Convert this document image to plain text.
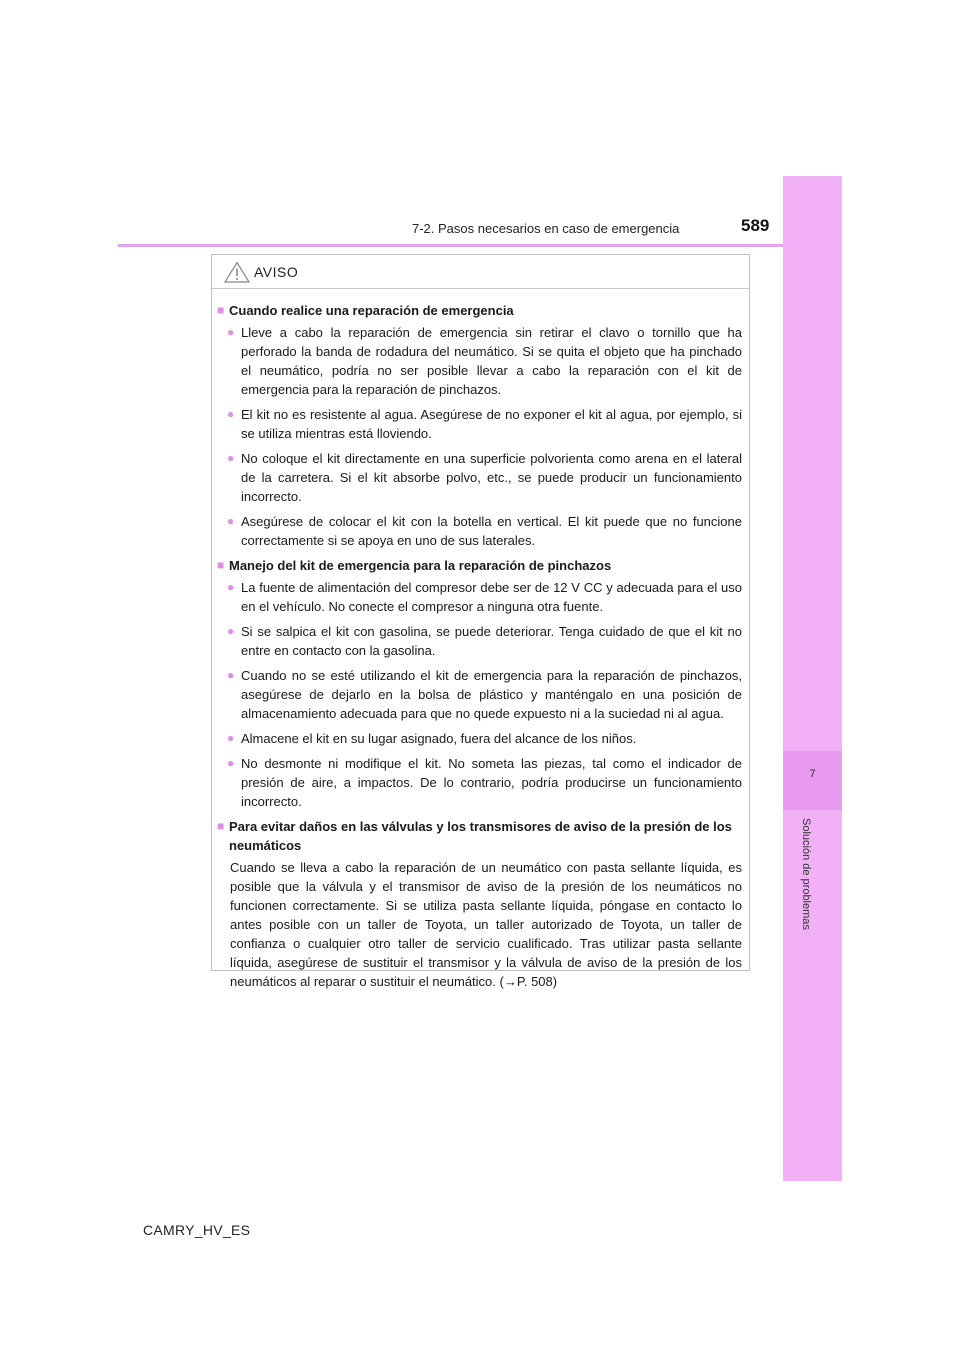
7
Solución de problemas
7-2. Pasos necesarios en caso de emergencia	589
AVISO
■ Cuando realice una reparación de emergencia
● Lleve a cabo la reparación de emergencia sin retirar el clavo o tornillo que ha perforado la banda de rodadura del neumático. Si se quita el objeto que ha pinchado el neumático, podría no ser posible llevar a cabo la reparación con el kit de emergencia para la reparación de pinchazos.
● El kit no es resistente al agua. Asegúrese de no exponer el kit al agua, por ejemplo, si se utiliza mientras está lloviendo.
● No coloque el kit directamente en una superficie polvorienta como arena en el lateral de la carretera. Si el kit absorbe polvo, etc., se puede producir un funcionamiento incorrecto.
● Asegúrese de colocar el kit con la botella en vertical. El kit puede que no funcione correctamente si se apoya en uno de sus laterales.
■ Manejo del kit de emergencia para la reparación de pinchazos
● La fuente de alimentación del compresor debe ser de 12 V CC y adecuada para el uso en el vehículo. No conecte el compresor a ninguna otra fuente.
● Si se salpica el kit con gasolina, se puede deteriorar. Tenga cuidado de que el kit no entre en contacto con la gasolina.
● Cuando no se esté utilizando el kit de emergencia para la reparación de pinchazos, asegúrese de dejarlo en la bolsa de plástico y manténgalo en una posición de almacenamiento adecuada para que no quede expuesto ni a la suciedad ni al agua.
● Almacene el kit en su lugar asignado, fuera del alcance de los niños.
● No desmonte ni modifique el kit. No someta las piezas, tal como el indicador de presión de aire, a impactos. De lo contrario, podría producirse un funcionamiento incorrecto.
■ Para evitar daños en las válvulas y los transmisores de aviso de la presión de los neumáticos
Cuando se lleva a cabo la reparación de un neumático con pasta sellante líquida, es posible que la válvula y el transmisor de aviso de la presión de los neumáticos no funcionen correctamente. Si se utiliza pasta sellante líquida, póngase en contacto lo antes posible con un taller de Toyota, un taller autorizado de Toyota, un taller de confianza o cualquier otro taller de servicio cualificado. Tras utilizar pasta sellante líquida, asegúrese de sustituir el transmisor y la válvula de aviso de la presión de los neumáticos al reparar o sustituir el neumático. (→P. 508)
CAMRY_HV_ES
